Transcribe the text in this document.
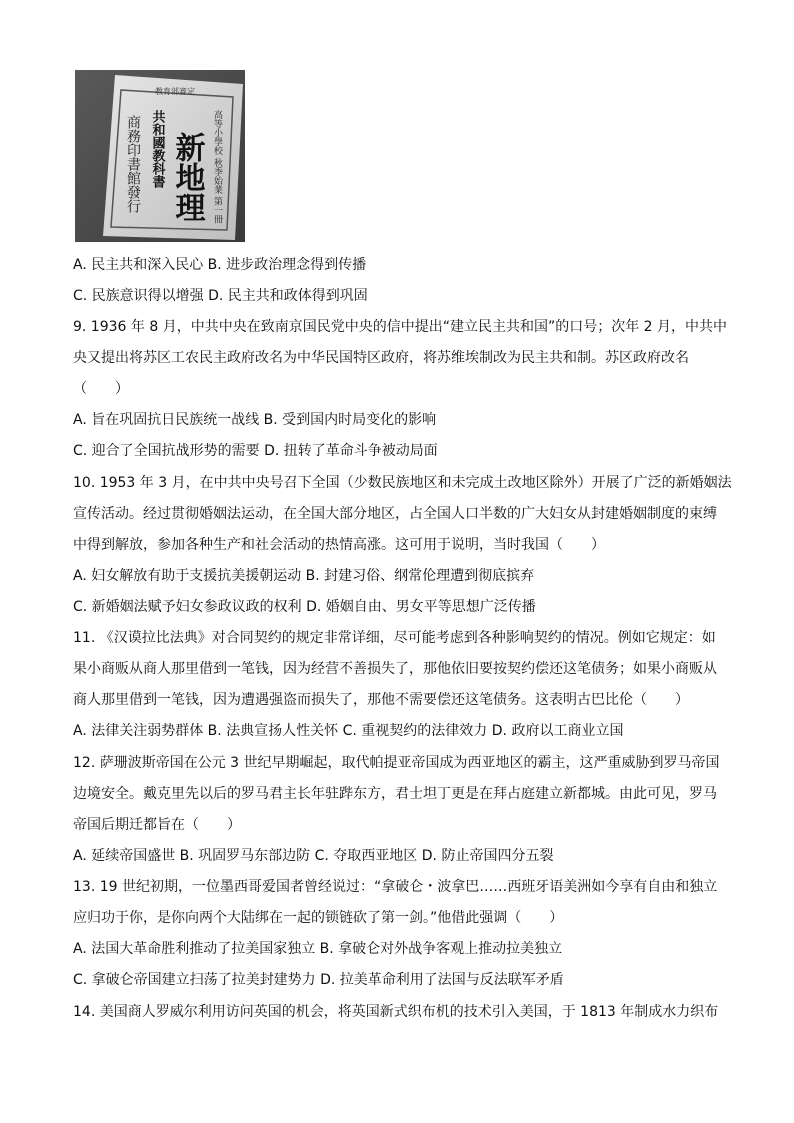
教育部審定
高等小學校 秋季始業 第一冊
共和國教科書 新地理
商務印書館發行
A. 民主共和深入民心 B. 进步政治理念得到传播
C. 民族意识得以增强 D. 民主共和政体得到巩固
9. 1936 年 8 月，中共中央在致南京国民党中央的信中提出“建立民主共和国”的口号；次年 2 月，中共中
央又提出将苏区工农民主政府改名为中华民国特区政府，将苏维埃制改为民主共和制。苏区政府改名
（　　）
A. 旨在巩固抗日民族统一战线 B. 受到国内时局变化的影响
C. 迎合了全国抗战形势的需要 D. 扭转了革命斗争被动局面
10. 1953 年 3 月，在中共中央号召下全国（少数民族地区和未完成土改地区除外）开展了广泛的新婚姻法
宣传活动。经过贯彻婚姻法运动，在全国大部分地区，占全国人口半数的广大妇女从封建婚姻制度的束缚
中得到解放，参加各种生产和社会活动的热情高涨。这可用于说明，当时我国（　　）
A. 妇女解放有助于支援抗美援朝运动 B. 封建习俗、纲常伦理遭到彻底摈弃
C. 新婚姻法赋予妇女参政议政的权利 D. 婚姻自由、男女平等思想广泛传播
11. 《汉谟拉比法典》对合同契约的规定非常详细，尽可能考虑到各种影响契约的情况。例如它规定：如
果小商贩从商人那里借到一笔钱，因为经营不善损失了，那他依旧要按契约偿还这笔债务；如果小商贩从
商人那里借到一笔钱，因为遭遇强盗而损失了，那他不需要偿还这笔债务。这表明古巴比伦（　　）
A. 法律关注弱势群体 B. 法典宣扬人性关怀 C. 重视契约的法律效力 D. 政府以工商业立国
12. 萨珊波斯帝国在公元 3 世纪早期崛起，取代帕提亚帝国成为西亚地区的霸主，这严重威胁到罗马帝国
边境安全。戴克里先以后的罗马君主长年驻跸东方，君士坦丁更是在拜占庭建立新都城。由此可见，罗马
帝国后期迁都旨在（　　）
A. 延续帝国盛世 B. 巩固罗马东部边防 C. 夺取西亚地区 D. 防止帝国四分五裂
13. 19 世纪初期，一位墨西哥爱国者曾经说过：“拿破仑・波拿巴……西班牙语美洲如今享有自由和独立
应归功于你，是你向两个大陆绑在一起的锁链砍了第一剑。”他借此强调（　　）
A. 法国大革命胜利推动了拉美国家独立 B. 拿破仑对外战争客观上推动拉美独立
C. 拿破仑帝国建立扫荡了拉美封建势力 D. 拉美革命利用了法国与反法联军矛盾
14. 美国商人罗威尔利用访问英国的机会，将英国新式织布机的技术引入美国，于 1813 年制成水力织布
